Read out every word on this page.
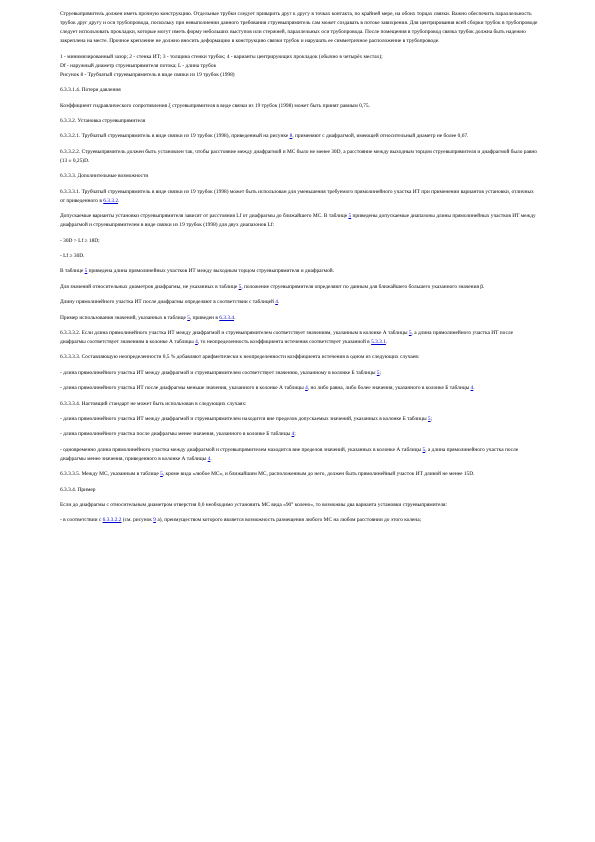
Струевыпрямитель должен иметь прочную конструкцию. Отдельные трубки следует приварить друг к другу в точках контакта, по крайней мере, на обоих торцах связки. Важно обеспечить параллельность трубок друг другу и оси трубопровода, поскольку при невыполнении данного требования струевыпрямитель сам может создавать в потоке завихрения. Для центрирования всей сборки трубок в трубопроводе следует использовать прокладки, которые могут иметь форму небольших выступов или стержней, параллельных оси трубопровода. После помещения в трубопровод связка трубок должна быть надежно закреплена на месте. Прочное крепление не должно вносить деформацию в конструкцию связки трубок и нарушать ее симметричное расположение в трубопроводе.

1 - минимизированный зазор; 2 - стенка ИТ; 3 - толщина стенки трубок; 4 - варианты центрирующих прокладок (обычно в четырёх местах);

Df - наружный диаметр струевыпрямителя потока; L - длина трубок

Рисунок 8 - Трубчатый струевыпрямитель в виде связки из 19 трубок (1998)

6.3.3.1.4. Потери давления

Коэффициент гидравлического сопротивления ξ струевыпрямителя в виде связки из 19 трубок (1998) может быть принят равным 0,75.

6.3.3.2. Установка струевыпрямителя

6.3.3.2.1. Трубчатый струевыпрямитель в виде связки из 19 трубок (1998), приведенный на рисунке 8, применяют с диафрагмой, имеющей относительный диаметр не более 0,67.

6.3.3.2.2. Струевыпрямитель должен быть установлен так, чтобы расстояние между диафрагмой и МС было не менее 30D, а расстояние между выходным торцом струевыпрямителя и диафрагмой было равно (13 ± 0,25)D.

6.3.3.3. Дополнительные возможности

6.3.3.3.1. Трубчатый струевыпрямитель в виде связки из 19 трубок (1998) может быть использован для уменьшения требуемого прямолинейного участка ИТ при применении вариантов установки, отличных от приведенного в 6.3.3.2.

Допускаемые варианты установки струевыпрямителя зависят от расстояния Lf от диафрагмы до ближайшего МС. В таблице 5 приведены допускаемые диапазоны длины прямолинейных участков ИТ между диафрагмой и струевыпрямителем в виде связки из 19 трубок (1998) для двух диапазонов Lf:

- 30D > Lf ≥ 18D;

- Lf ≥ 30D.

В таблице 5 приведена длина прямолинейных участков ИТ между выходным торцом струевыпрямителя и диафрагмой.

Для значений относительных диаметров диафрагмы, не указанных в таблице 5, положение струевыпрямителя определяют по данным для ближайшего большего указанного значения β.

Длину прямолинейного участка ИТ после диафрагмы определяют в соответствии с таблицей 4.

Пример использования значений, указанных в таблице 5, приведен в 6.3.3.4.

6.3.3.3.2. Если длина прямолинейного участка ИТ между диафрагмой и струевыпрямителем соответствует значениям, указанным в колонке А таблицы 5, а длина прямолинейного участка ИТ после диафрагмы соответствует значениям в колонке А таблицы 4, то неопределенность коэффициента истечения соответствует указанной в 5.3.3.1.

6.3.3.3.3. Составляющую неопределенности 0,5 % добавляют арифметически к неопределенности коэффициента истечения в одном из следующих случаев:

- длина прямолинейного участка ИТ между диафрагмой и струевыпрямителем соответствует значению, указанному в колонке Б таблицы 5;

- длина прямолинейного участка ИТ после диафрагмы меньше значения, указанного в колонке А таблицы 4, но либо равна, либо более значения, указанного в колонке Б таблицы 4.

6.3.3.3.4. Настоящий стандарт не может быть использован в следующих случаях:

- длина прямолинейного участка ИТ между диафрагмой и струевыпрямителем находится вне пределов допускаемых значений, указанных в колонке Б таблицы 5;

- длина прямолинейного участка после диафрагмы менее значения, указанного в колонке Б таблицы 4;

- одновременно длина прямолинейного участка между диафрагмой и струевыпрямителем находится вне пределов значений, указанных в колонке А таблицы 5, а длина прямолинейного участка после диафрагмы менее значения, приведенного в колонке А таблицы 4.

6.3.3.3.5. Между МС, указанным в таблице 5, кроме вида «любое МС», и ближайшим МС, расположенным до него, должен быть прямолинейный участок ИТ длиной не менее 15D.

6.3.3.4. Пример

Если до диафрагмы с относительным диаметром отверстия 0,6 необходимо установить МС вида «90° колено», то возможны два варианта установки струевыпрямителя:

- в соответствии с 6.3.3.2.2 (см. рисунок 9 а), преимуществом которого является возможность размещения любого МС на любом расстоянии до этого колена;
